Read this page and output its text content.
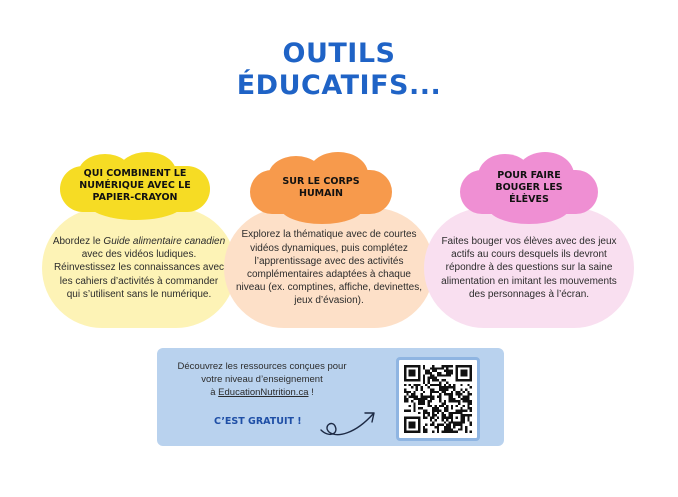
OUTILS
ÉDUCATIFS...
Abordez le Guide alimentaire canadien avec des vidéos ludiques. Réinvestissez les connaissances avec les cahiers d’activités à commander qui s’utilisent sans le numérique.
QUI COMBINENT LE NUMÉRIQUE AVEC LE PAPIER-CRAYON
Explorez la thématique avec de courtes vidéos dynamiques, puis complétez l’apprentissage avec des activités complémentaires adaptées à chaque niveau (ex. comptines, affiche, devinettes, jeux d’évasion).
SUR LE CORPS HUMAIN
Faites bouger vos élèves avec des jeux actifs au cours desquels ils devront répondre à des questions sur la saine alimentation en imitant les mouvements des personnages à l’écran.
POUR FAIRE BOUGER LES ÉLÈVES
Découvrez les ressources conçues pour
votre niveau d’enseignement
à EducationNutrition.ca !
C’EST GRATUIT !
